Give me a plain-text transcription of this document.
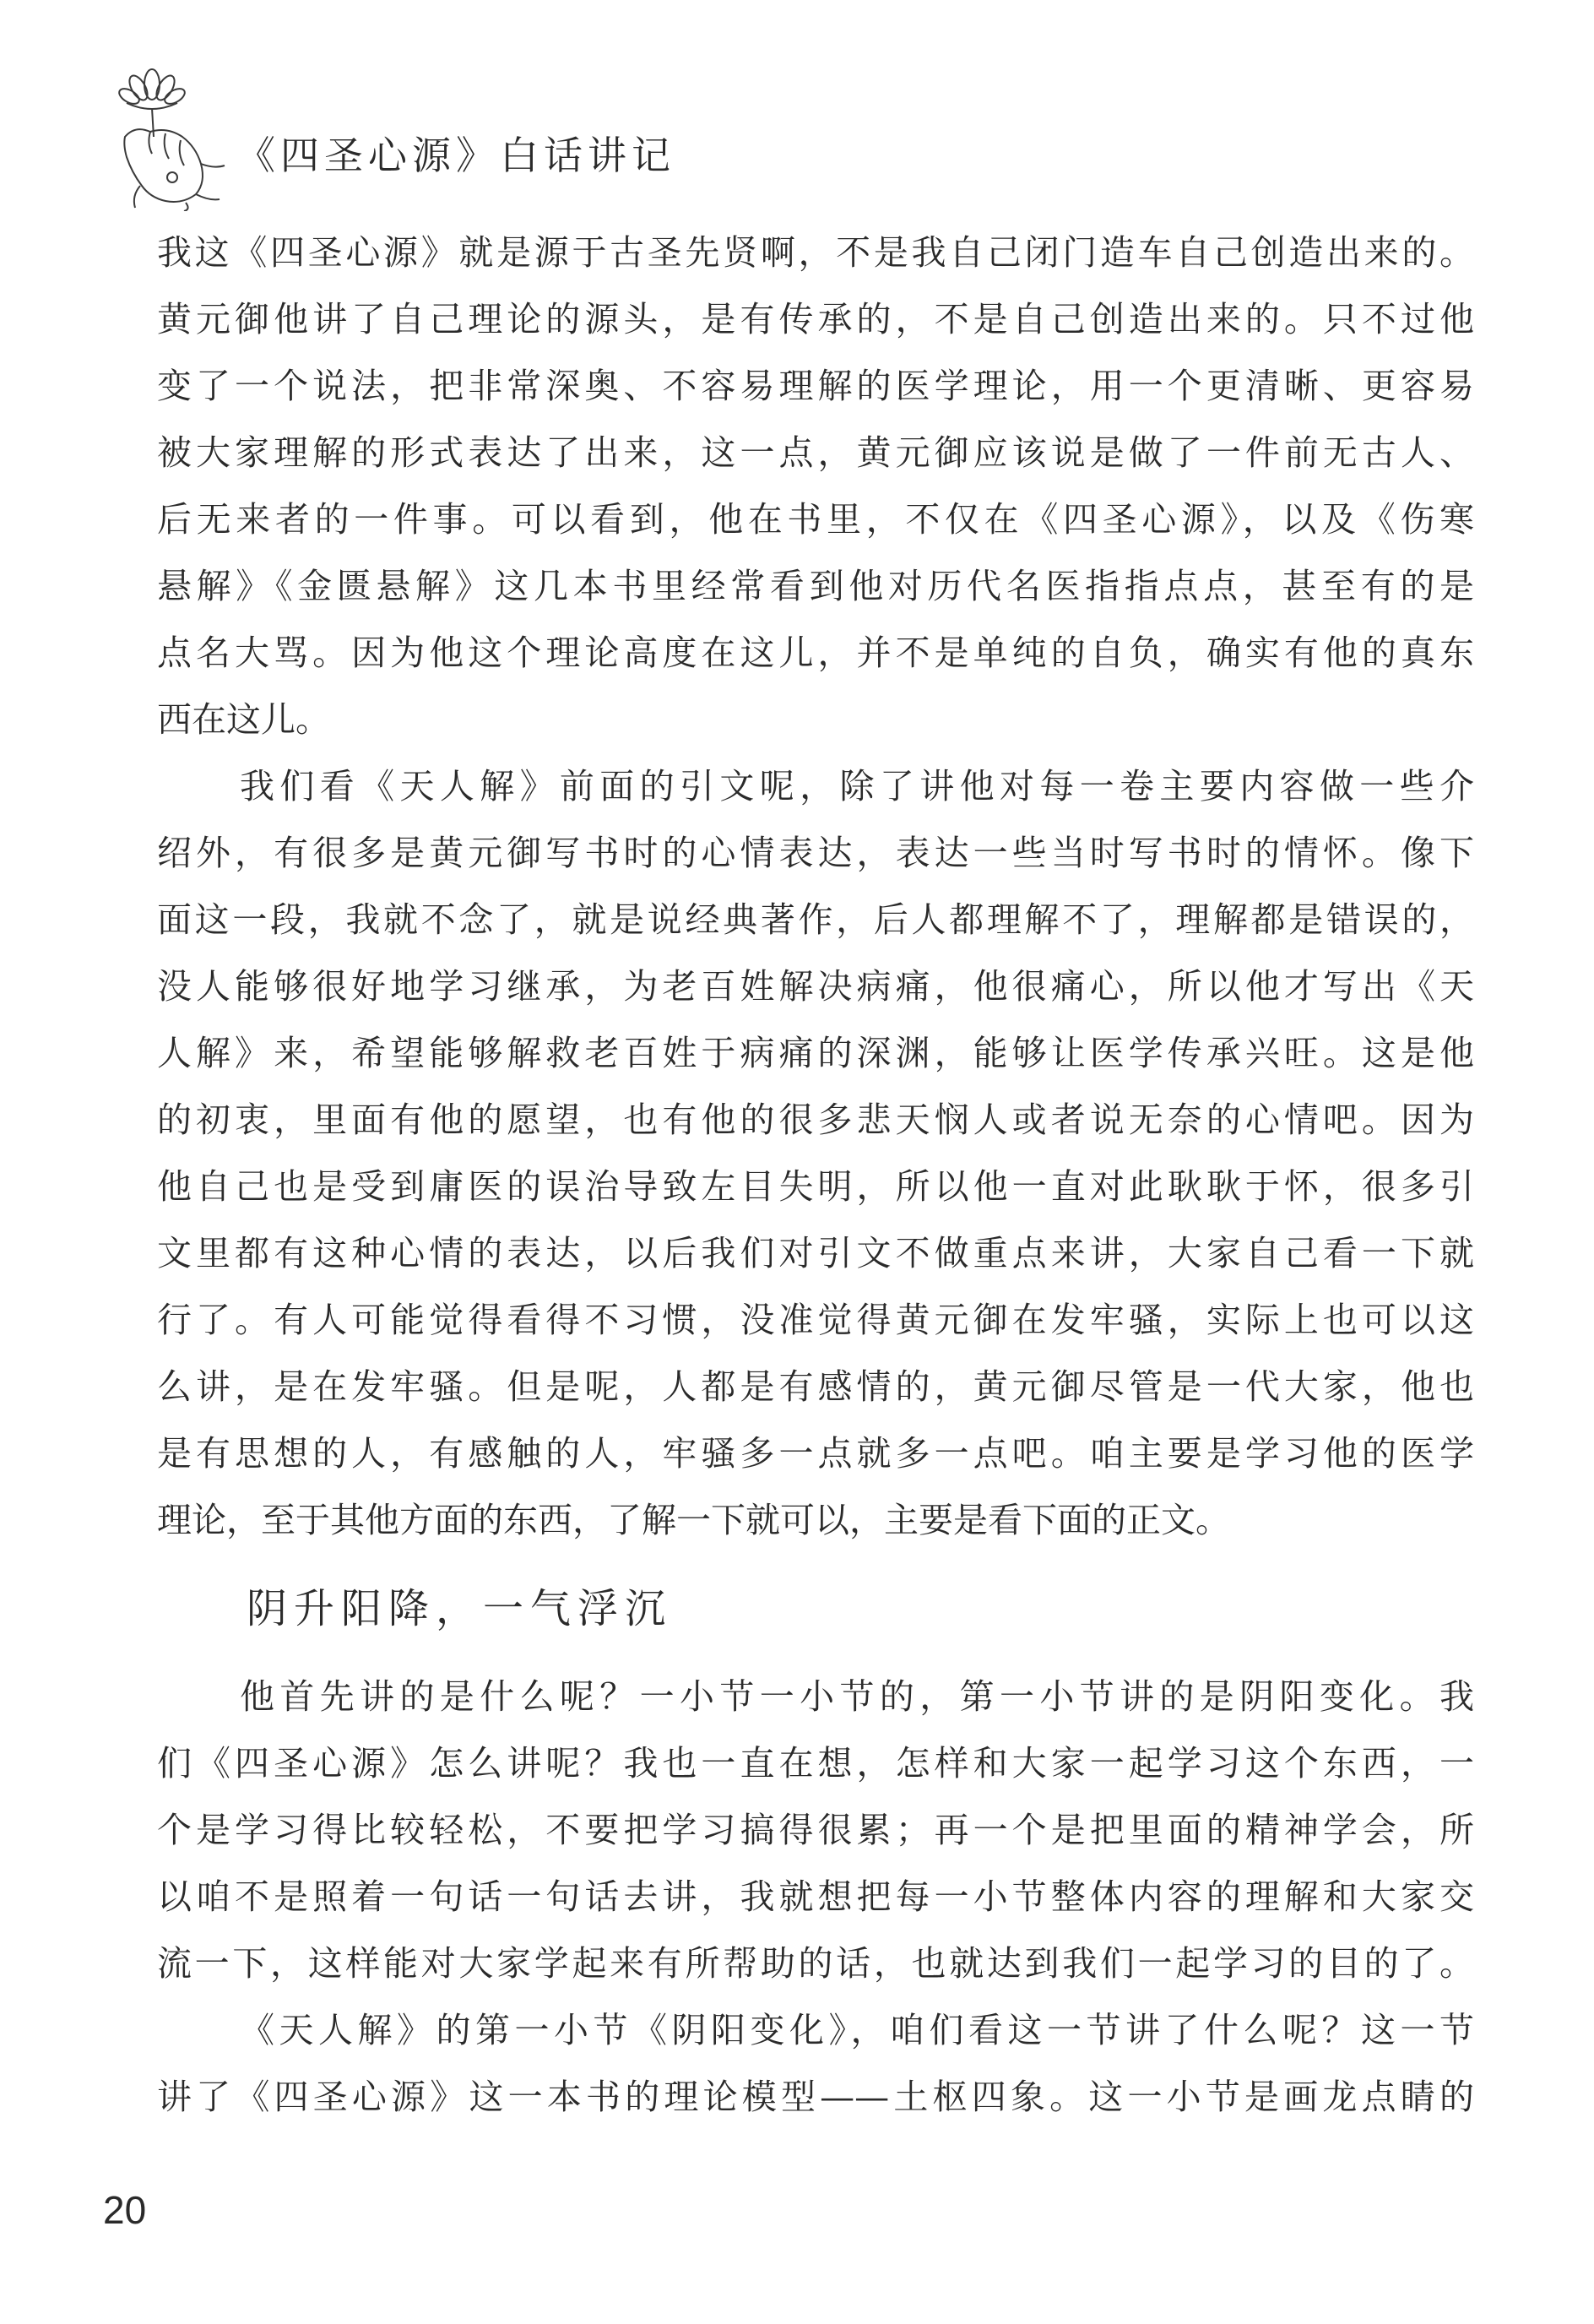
《四圣心源》白话讲记
我这《四圣心源》就是源于古圣先贤啊，不是我自己闭门造车自己创造出来的。
黄元御他讲了自己理论的源头，是有传承的，不是自己创造出来的。只不过他
变了一个说法，把非常深奥、不容易理解的医学理论，用一个更清晰、更容易
被大家理解的形式表达了出来，这一点，黄元御应该说是做了一件前无古人、
后无来者的一件事。可以看到，他在书里，不仅在《四圣心源》，以及《伤寒
悬解》《金匮悬解》这几本书里经常看到他对历代名医指指点点，甚至有的是
点名大骂。因为他这个理论高度在这儿，并不是单纯的自负，确实有他的真东
西在这儿。
我们看《天人解》前面的引文呢，除了讲他对每一卷主要内容做一些介
绍外，有很多是黄元御写书时的心情表达，表达一些当时写书时的情怀。像下
面这一段，我就不念了，就是说经典著作，后人都理解不了，理解都是错误的，
没人能够很好地学习继承，为老百姓解决病痛，他很痛心，所以他才写出《天
人解》来，希望能够解救老百姓于病痛的深渊，能够让医学传承兴旺。这是他
的初衷，里面有他的愿望，也有他的很多悲天悯人或者说无奈的心情吧。因为
他自己也是受到庸医的误治导致左目失明，所以他一直对此耿耿于怀，很多引
文里都有这种心情的表达，以后我们对引文不做重点来讲，大家自己看一下就
行了。有人可能觉得看得不习惯，没准觉得黄元御在发牢骚，实际上也可以这
么讲，是在发牢骚。但是呢，人都是有感情的，黄元御尽管是一代大家，他也
是有思想的人，有感触的人，牢骚多一点就多一点吧。咱主要是学习他的医学
理论，至于其他方面的东西，了解一下就可以，主要是看下面的正文。
阴升阳降，一气浮沉
他首先讲的是什么呢？一小节一小节的，第一小节讲的是阴阳变化。我
们《四圣心源》怎么讲呢？我也一直在想，怎样和大家一起学习这个东西，一
个是学习得比较轻松，不要把学习搞得很累；再一个是把里面的精神学会，所
以咱不是照着一句话一句话去讲，我就想把每一小节整体内容的理解和大家交
流一下，这样能对大家学起来有所帮助的话，也就达到我们一起学习的目的了。
《天人解》的第一小节《阴阳变化》，咱们看这一节讲了什么呢？这一节
讲了《四圣心源》这一本书的理论模型——土枢四象。这一小节是画龙点睛的
20
